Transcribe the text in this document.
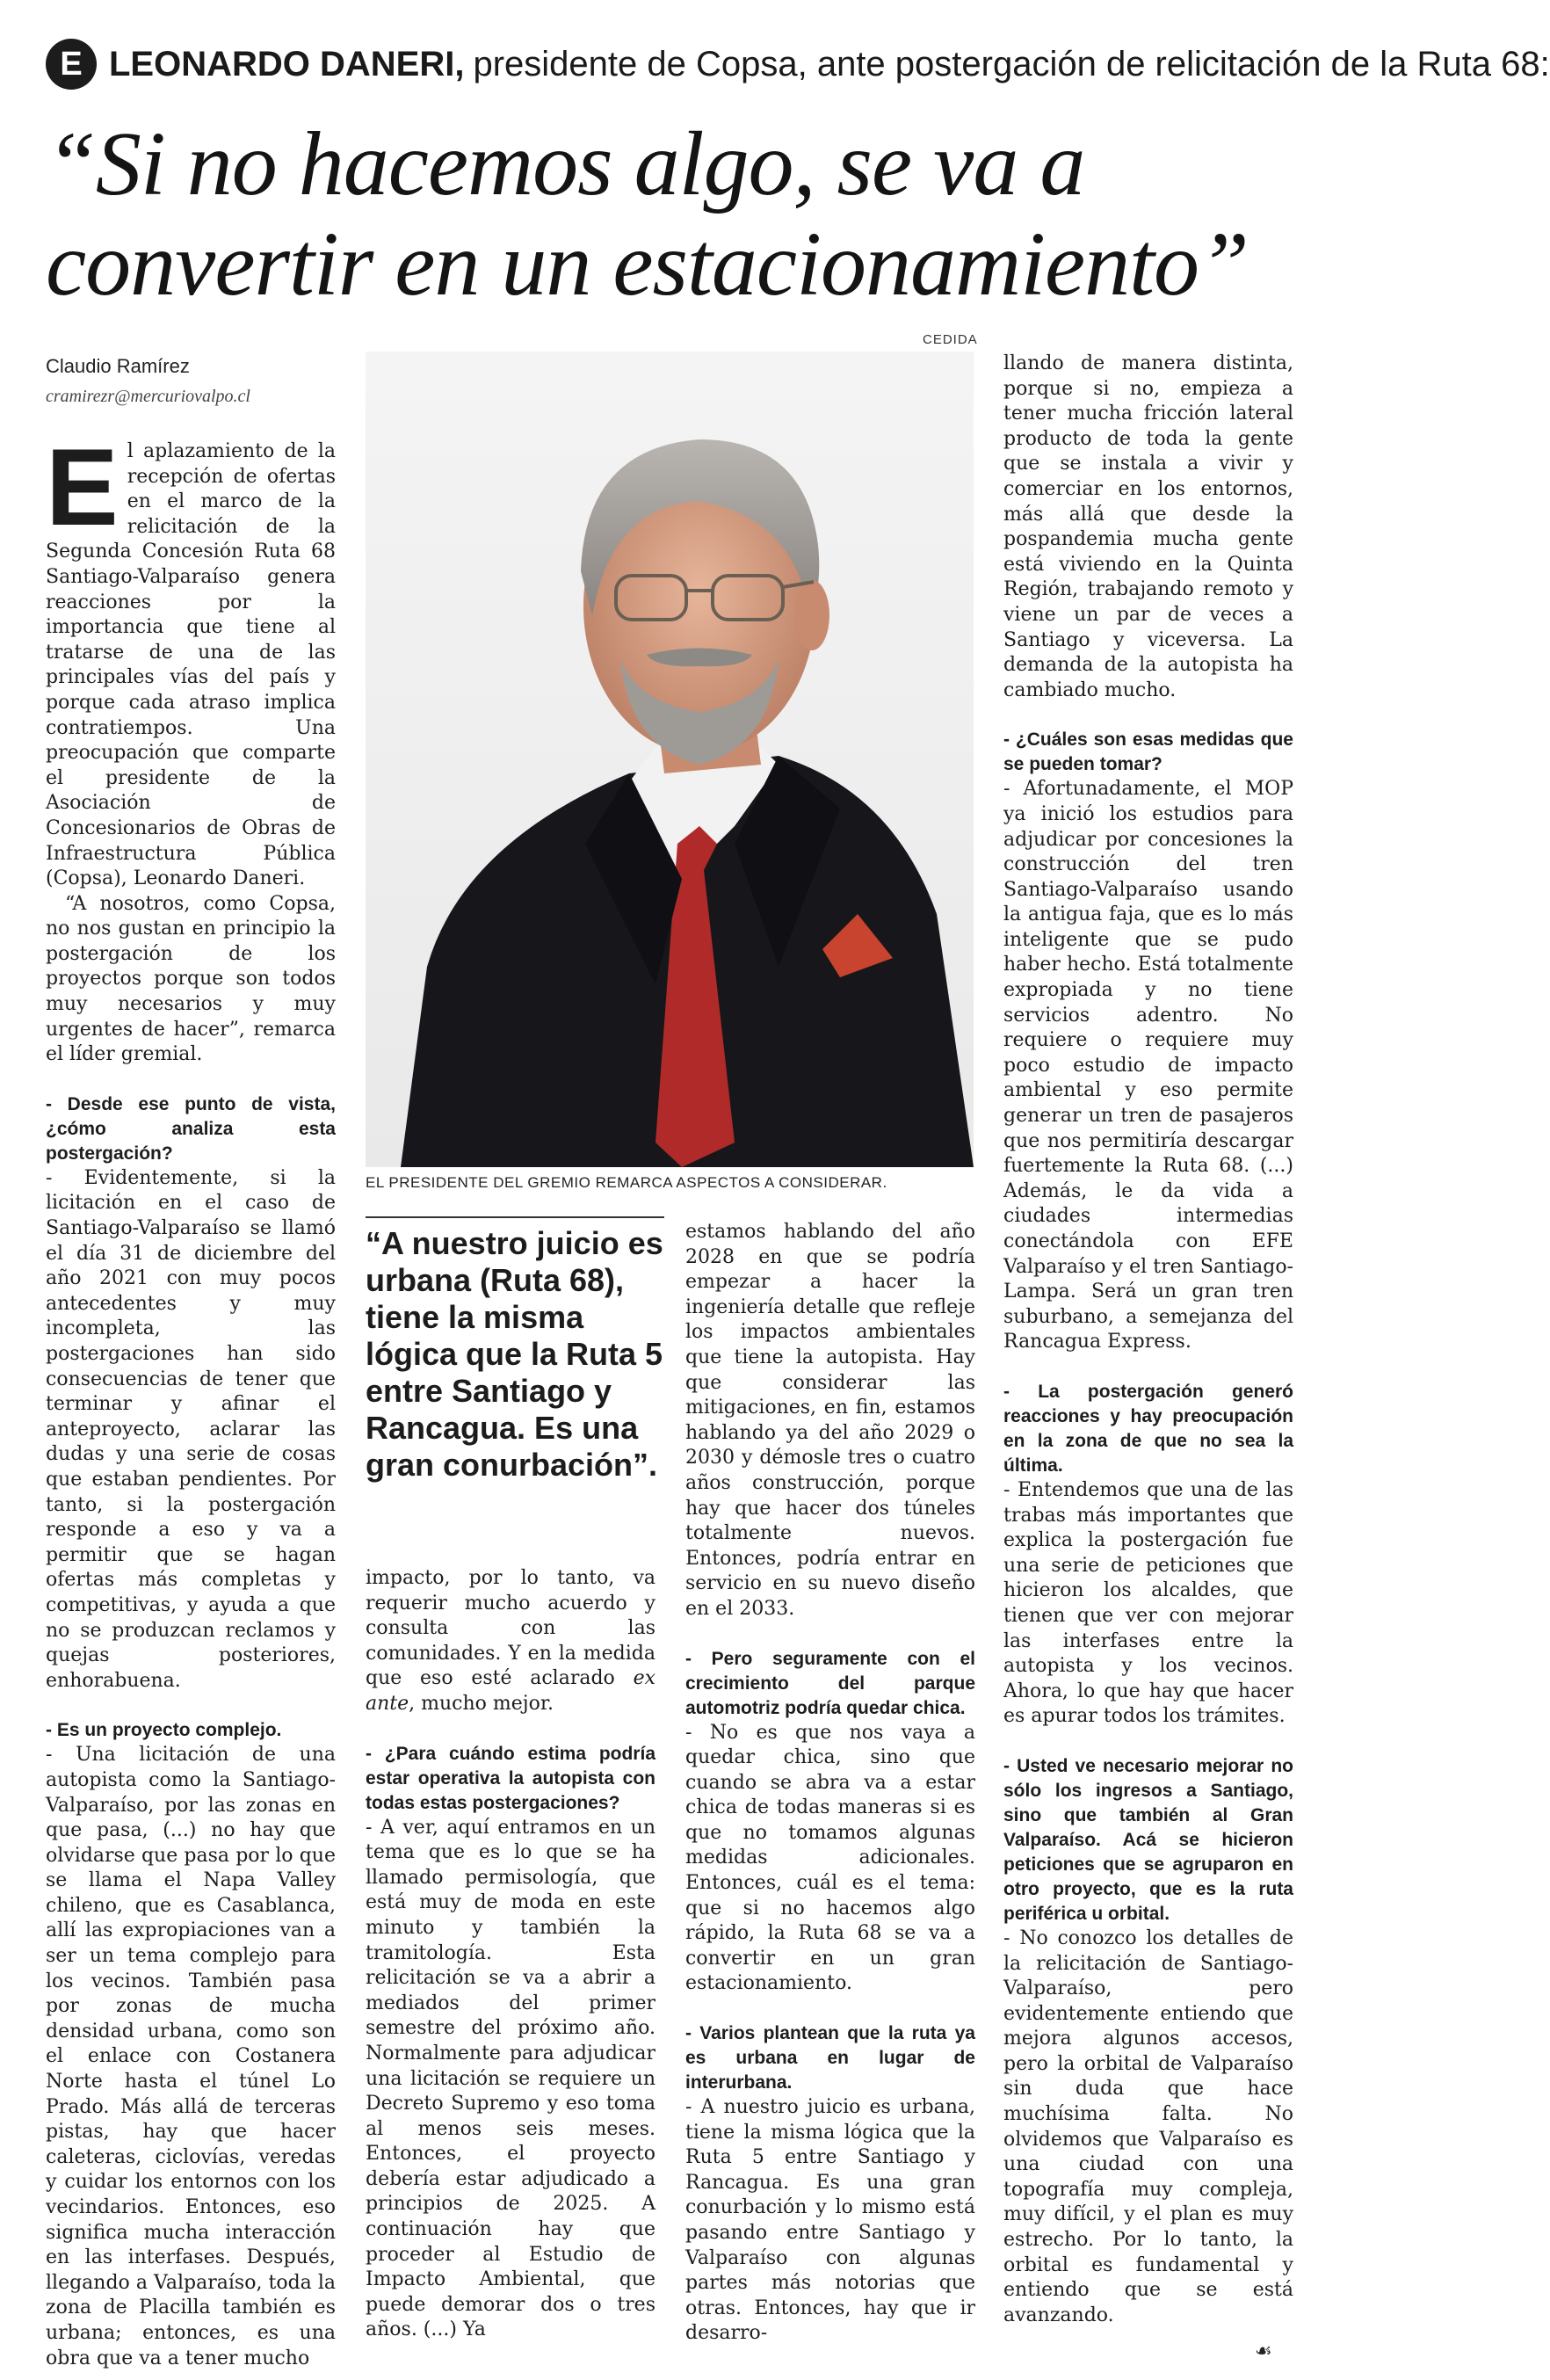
E LEONARDO DANERI, presidente de Copsa, ante postergación de relicitación de la Ruta 68:
“Si no hacemos algo, se va a
convertir en un estacionamiento”
Claudio Ramírez
cramirezr@mercuriovalpo.cl
CEDIDA
EL PRESIDENTE DEL GREMIO REMARCA ASPECTOS A CONSIDERAR.
“A nuestro juicio es urbana (Ruta 68), tiene la misma lógica que la Ruta 5 entre Santiago y Rancagua. Es una gran conurbación”.

El aplazamiento de la recepción de ofertas en el marco de la relicitación de la Segunda Concesión Ruta 68 Santiago-Valparaíso genera reacciones por la importancia que tiene al tratarse de una de las principales vías del país y porque cada atraso implica contratiempos. Una preocupación que comparte el presidente de la Asociación de Concesionarios de Obras de Infraestructura Pública (Copsa), Leonardo Daneri.

“A nosotros, como Copsa, no nos gustan en principio la postergación de los proyectos porque son todos muy necesarios y muy urgentes de hacer”, remarca el líder gremial.

- Desde ese punto de vista, ¿cómo analiza esta postergación?

- Evidentemente, si la licitación en el caso de Santiago-Valparaíso se llamó el día 31 de diciembre del año 2021 con muy pocos antecedentes y muy incompleta, las postergaciones han sido consecuencias de tener que terminar y afinar el anteproyecto, aclarar las dudas y una serie de cosas que estaban pendientes. Por tanto, si la postergación responde a eso y va a permitir que se hagan ofertas más completas y competitivas, y ayuda a que no se produzcan reclamos y quejas posteriores, enhorabuena.

- Es un proyecto complejo.

- Una licitación de una autopista como la Santiago-Valparaíso, por las zonas en que pasa, (...) no hay que olvidarse que pasa por lo que se llama el Napa Valley chileno, que es Casablanca, allí las expropiaciones van a ser un tema complejo para los vecinos. También pasa por zonas de mucha densidad urbana, como son el enlace con Costanera Norte hasta el túnel Lo Prado. Más allá de terceras pistas, hay que hacer caleteras, ciclovías, veredas y cuidar los entornos con los vecindarios. Entonces, eso significa mucha interacción en las interfases. Después, llegando a Valparaíso, toda la zona de Placilla también es urbana; entonces, es una obra que va a tener mucho

impacto, por lo tanto, va requerir mucho acuerdo y consulta con las comunidades. Y en la medida que eso esté aclarado ex ante, mucho mejor.

- ¿Para cuándo estima podría estar operativa la autopista con todas estas postergaciones?

- A ver, aquí entramos en un tema que es lo que se ha llamado permisología, que está muy de moda en este minuto y también la tramitología. Esta relicitación se va a abrir a mediados del primer semestre del próximo año. Normalmente para adjudicar una licitación se requiere un Decreto Supremo y eso toma al menos seis meses. Entonces, el proyecto debería estar adjudicado a principios de 2025. A continuación hay que proceder al Estudio de Impacto Ambiental, que puede demorar dos o tres años. (...) Ya

estamos hablando del año 2028 en que se podría empezar a hacer la ingeniería detalle que refleje los impactos ambientales que tiene la autopista. Hay que considerar las mitigaciones, en fin, estamos hablando ya del año 2029 o 2030 y démosle tres o cuatro años construcción, porque hay que hacer dos túneles totalmente nuevos. Entonces, podría entrar en servicio en su nuevo diseño en el 2033.

- Pero seguramente con el crecimiento del parque automotriz podría quedar chica.

- No es que nos vaya a quedar chica, sino que cuando se abra va a estar chica de todas maneras si es que no tomamos algunas medidas adicionales. Entonces, cuál es el tema: que si no hacemos algo rápido, la Ruta 68 se va a convertir en un gran estacionamiento.

- Varios plantean que la ruta ya es urbana en lugar de interurbana.

- A nuestro juicio es urbana, tiene la misma lógica que la Ruta 5 entre Santiago y Rancagua. Es una gran conurbación y lo mismo está pasando entre Santiago y Valparaíso con algunas partes más notorias que otras. Entonces, hay que ir desarro-

llando de manera distinta, porque si no, empieza a tener mucha fricción lateral producto de toda la gente que se instala a vivir y comerciar en los entornos, más allá que desde la pospandemia mucha gente está viviendo en la Quinta Región, trabajando remoto y viene un par de veces a Santiago y viceversa. La demanda de la autopista ha cambiado mucho.

- ¿Cuáles son esas medidas que se pueden tomar?

- Afortunadamente, el MOP ya inició los estudios para adjudicar por concesiones la construcción del tren Santiago-Valparaíso usando la antigua faja, que es lo más inteligente que se pudo haber hecho. Está totalmente expropiada y no tiene servicios adentro. No requiere o requiere muy poco estudio de impacto ambiental y eso permite generar un tren de pasajeros que nos permitiría descargar fuertemente la Ruta 68. (...) Además, le da vida a ciudades intermedias conectándola con EFE Valparaíso y el tren Santiago-Lampa. Será un gran tren suburbano, a semejanza del Rancagua Express.

- La postergación generó reacciones y hay preocupación en la zona de que no sea la última.

- Entendemos que una de las trabas más importantes que explica la postergación fue una serie de peticiones que hicieron los alcaldes, que tienen que ver con mejorar las interfases entre la autopista y los vecinos. Ahora, lo que hay que hacer es apurar todos los trámites.

- Usted ve necesario mejorar no sólo los ingresos a Santiago, sino que también al Gran Valparaíso. Acá se hicieron peticiones que se agruparon en otro proyecto, que es la ruta periférica u orbital.

- No conozco los detalles de la relicitación de Santiago-Valparaíso, pero evidentemente entiendo que mejora algunos accesos, pero la orbital de Valparaíso sin duda que hace muchísima falta. No olvidemos que Valparaíso es una ciudad con una topografía muy compleja, muy difícil, y el plan es muy estrecho. Por lo tanto, la orbital es fundamental y entiendo que se está avanzando.

☙
